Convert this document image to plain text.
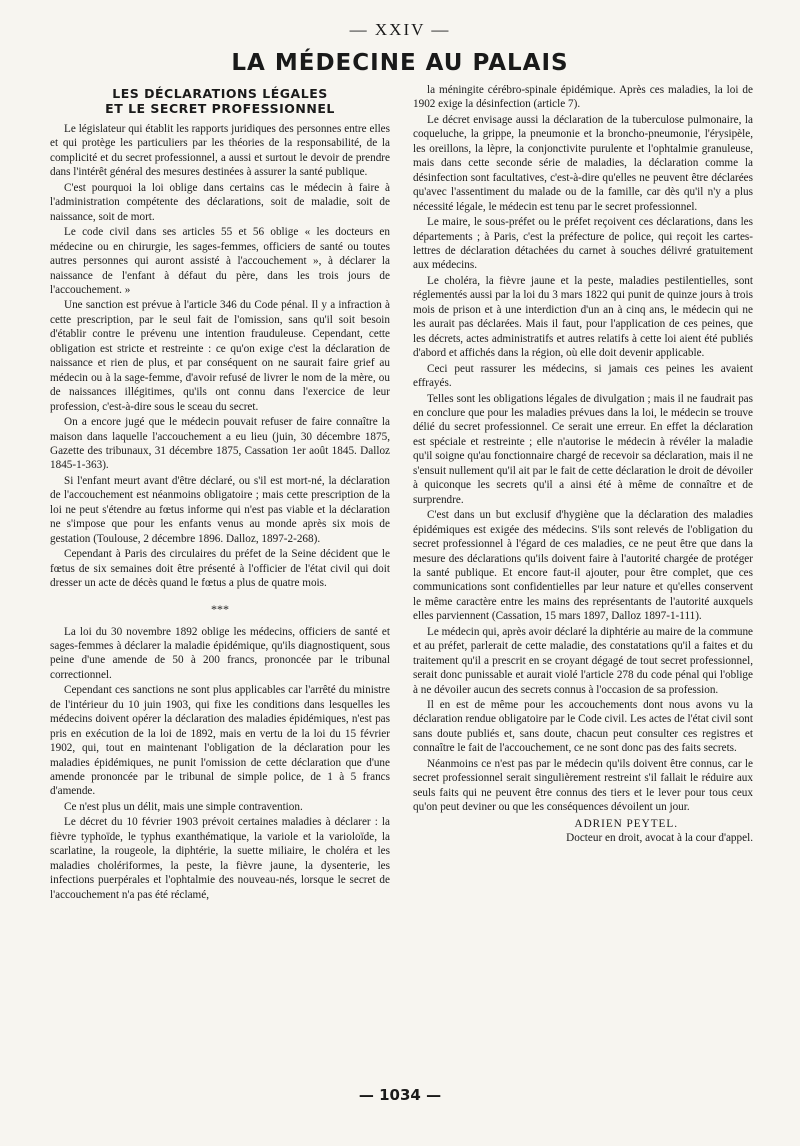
— XXIV —
LA MÉDECINE AU PALAIS
LES DÉCLARATIONS LÉGALES
ET LE SECRET PROFESSIONNEL

Le législateur qui établit les rapports juridiques des personnes entre elles et qui protège les particuliers par les théories de la responsabilité, de la complicité et du secret professionnel, a aussi et surtout le devoir de prendre dans l'intérêt général des mesures destinées à assurer la santé publique.

C'est pourquoi la loi oblige dans certains cas le médecin à faire à l'administration compétente des déclarations, soit de maladie, soit de naissance, soit de mort.

Le code civil dans ses articles 55 et 56 oblige « les docteurs en médecine ou en chirurgie, les sages-femmes, officiers de santé ou toutes autres personnes qui auront assisté à l'accouchement », à déclarer la naissance de l'enfant à défaut du père, dans les trois jours de l'accouchement. »

Une sanction est prévue à l'article 346 du Code pénal. Il y a infraction à cette prescription, par le seul fait de l'omission, sans qu'il soit besoin d'établir contre le prévenu une intention frauduleuse. Cependant, cette obligation est stricte et restreinte : ce qu'on exige c'est la déclaration de naissance et rien de plus, et par conséquent on ne saurait faire grief au médecin ou à la sage-femme, d'avoir refusé de livrer le nom de la mère, ou de naissances illégitimes, qu'ils ont connu dans l'exercice de leur profession, c'est-à-dire sous le sceau du secret.

On a encore jugé que le médecin pouvait refuser de faire connaître la maison dans laquelle l'accouchement a eu lieu (juin, 30 décembre 1875, Gazette des tribunaux, 31 décembre 1875, Cassation 1er août 1845. Dalloz 1845-1-363).

Si l'enfant meurt avant d'être déclaré, ou s'il est mort-né, la déclaration de l'accouchement est néanmoins obligatoire ; mais cette prescription de la loi ne peut s'étendre au fœtus informe qui n'est pas viable et la déclaration ne s'impose que pour les enfants venus au monde après six mois de gestation (Toulouse, 2 décembre 1896. Dalloz, 1897-2-268).

Cependant à Paris des circulaires du préfet de la Seine décident que le fœtus de six semaines doit être présenté à l'officier de l'état civil qui doit dresser un acte de décès quand le fœtus a plus de quatre mois.

***

La loi du 30 novembre 1892 oblige les médecins, officiers de santé et sages-femmes à déclarer la maladie épidémique, qu'ils diagnostiquent, sous peine d'une amende de 50 à 200 francs, prononcée par le tribunal correctionnel.

Cependant ces sanctions ne sont plus applicables car l'arrêté du ministre de l'intérieur du 10 juin 1903, qui fixe les conditions dans lesquelles les médecins doivent opérer la déclaration des maladies épidémiques, n'est pas pris en exécution de la loi de 1892, mais en vertu de la loi du 15 février 1902, qui, tout en maintenant l'obligation de la déclaration pour les maladies épidémiques, ne punit l'omission de cette déclaration que d'une amende prononcée par le tribunal de simple police, de 1 à 5 francs d'amende.

Ce n'est plus un délit, mais une simple contravention.

Le décret du 10 février 1903 prévoit certaines maladies à déclarer : la fièvre typhoïde, le typhus exanthématique, la variole et la varioloïde, la scarlatine, la rougeole, la diphtérie, la suette miliaire, le choléra et les maladies cholériformes, la peste, la fièvre jaune, la dysenterie, les infections puerpérales et l'ophtalmie des nouveau-nés, lorsque le secret de l'accouchement n'a pas été réclamé,

la méningite cérébro-spinale épidémique. Après ces maladies, la loi de 1902 exige la désinfection (article 7).

Le décret envisage aussi la déclaration de la tuberculose pulmonaire, la coqueluche, la grippe, la pneumonie et la broncho-pneumonie, l'érysipèle, les oreillons, la lèpre, la conjonctivite purulente et l'ophtalmie granuleuse, mais dans cette seconde série de maladies, la déclaration comme la désinfection sont facultatives, c'est-à-dire qu'elles ne peuvent être déclarées qu'avec l'assentiment du malade ou de la famille, car dès qu'il n'y a plus nécessité légale, le médecin est tenu par le secret professionnel.

Le maire, le sous-préfet ou le préfet reçoivent ces déclarations, dans les départements ; à Paris, c'est la préfecture de police, qui reçoit les cartes-lettres de déclaration détachées du carnet à souches délivré gratuitement aux médecins.

Le choléra, la fièvre jaune et la peste, maladies pestilentielles, sont réglementés aussi par la loi du 3 mars 1822 qui punit de quinze jours à trois mois de prison et à une interdiction d'un an à cinq ans, le médecin qui ne les aurait pas déclarées. Mais il faut, pour l'application de ces peines, que les décrets, actes administratifs et autres relatifs à cette loi aient été publiés d'abord et affichés dans la région, où elle doit devenir applicable.

Ceci peut rassurer les médecins, si jamais ces peines les avaient effrayés.

Telles sont les obligations légales de divulgation ; mais il ne faudrait pas en conclure que pour les maladies prévues dans la loi, le médecin se trouve délié du secret professionnel. Ce serait une erreur. En effet la déclaration est spéciale et restreinte ; elle n'autorise le médecin à révéler la maladie qu'il soigne qu'au fonctionnaire chargé de recevoir sa déclaration, mais il ne s'ensuit nullement qu'il ait par le fait de cette déclaration le droit de dévoiler à quiconque les secrets qu'il a ainsi été à même de connaître et de surprendre.

C'est dans un but exclusif d'hygiène que la déclaration des maladies épidémiques est exigée des médecins. S'ils sont relevés de l'obligation du secret professionnel à l'égard de ces maladies, ce ne peut être que dans la mesure des déclarations qu'ils doivent faire à l'autorité chargée de protéger la santé publique. Et encore faut-il ajouter, pour être complet, que ces communications sont confidentielles par leur nature et qu'elles conservent le même caractère entre les mains des représentants de l'autorité auxquels elles parviennent (Cassation, 15 mars 1897, Dalloz 1897-1-111).

Le médecin qui, après avoir déclaré la diphtérie au maire de la commune et au préfet, parlerait de cette maladie, des constatations qu'il a faites et du traitement qu'il a prescrit en se croyant dégagé de tout secret professionnel, serait donc punissable et aurait violé l'article 278 du code pénal qui l'oblige à ne dévoiler aucun des secrets connus à l'occasion de sa profession.

Il en est de même pour les accouchements dont nous avons vu la déclaration rendue obligatoire par le Code civil. Les actes de l'état civil sont sans doute publiés et, sans doute, chacun peut consulter ces registres et connaître le fait de l'accouchement, ce ne sont donc pas des faits secrets.

Néanmoins ce n'est pas par le médecin qu'ils doivent être connus, car le secret professionnel serait singulièrement restreint s'il fallait le réduire aux seuls faits qui ne peuvent être connus des tiers et le lever pour tous ceux qu'on peut deviner ou que les conséquences dévoilent un jour.

ADRIEN PEYTEL.
Docteur en droit, avocat à la cour d'appel.
— 1034 —
